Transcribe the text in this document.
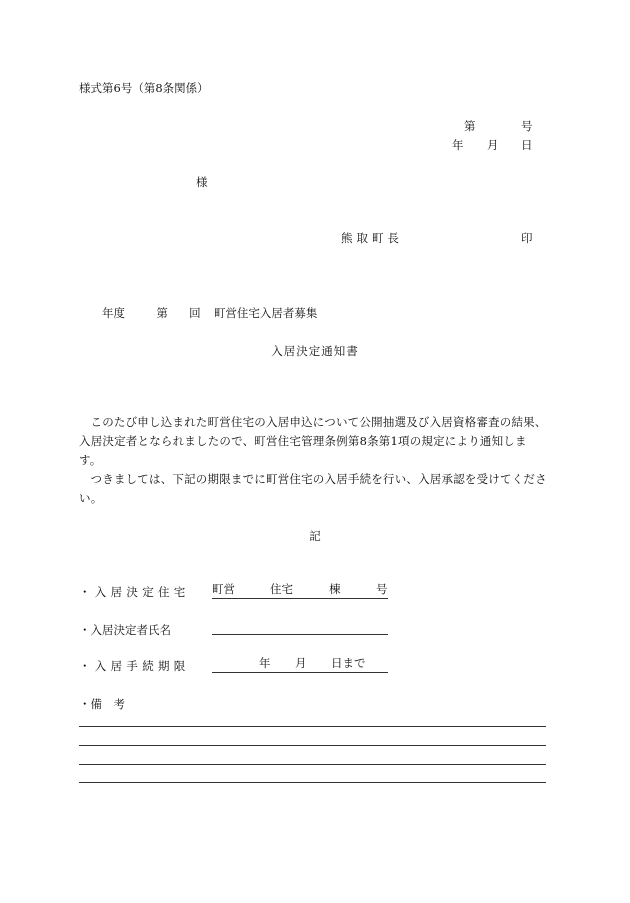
様式第6号（第8条関係）
第	号
年 月 日
様
熊取町長	印
年度	第 回 町営住宅入居者募集
入居決定通知書

このたび申し込まれた町営住宅の入居申込について公開抽選及び入居資格審査の結果、入居決定者となられましたので、町営住宅管理条例第8条第1項の規定により通知します。

つきましては、下記の期限までに町営住宅の入居手続を行い、入居承認を受けてください。

記
・入居決定住宅 町営	住宅	棟	号
・入居決定者氏名
・入居手続期限	年 月 日まで
・備　考
